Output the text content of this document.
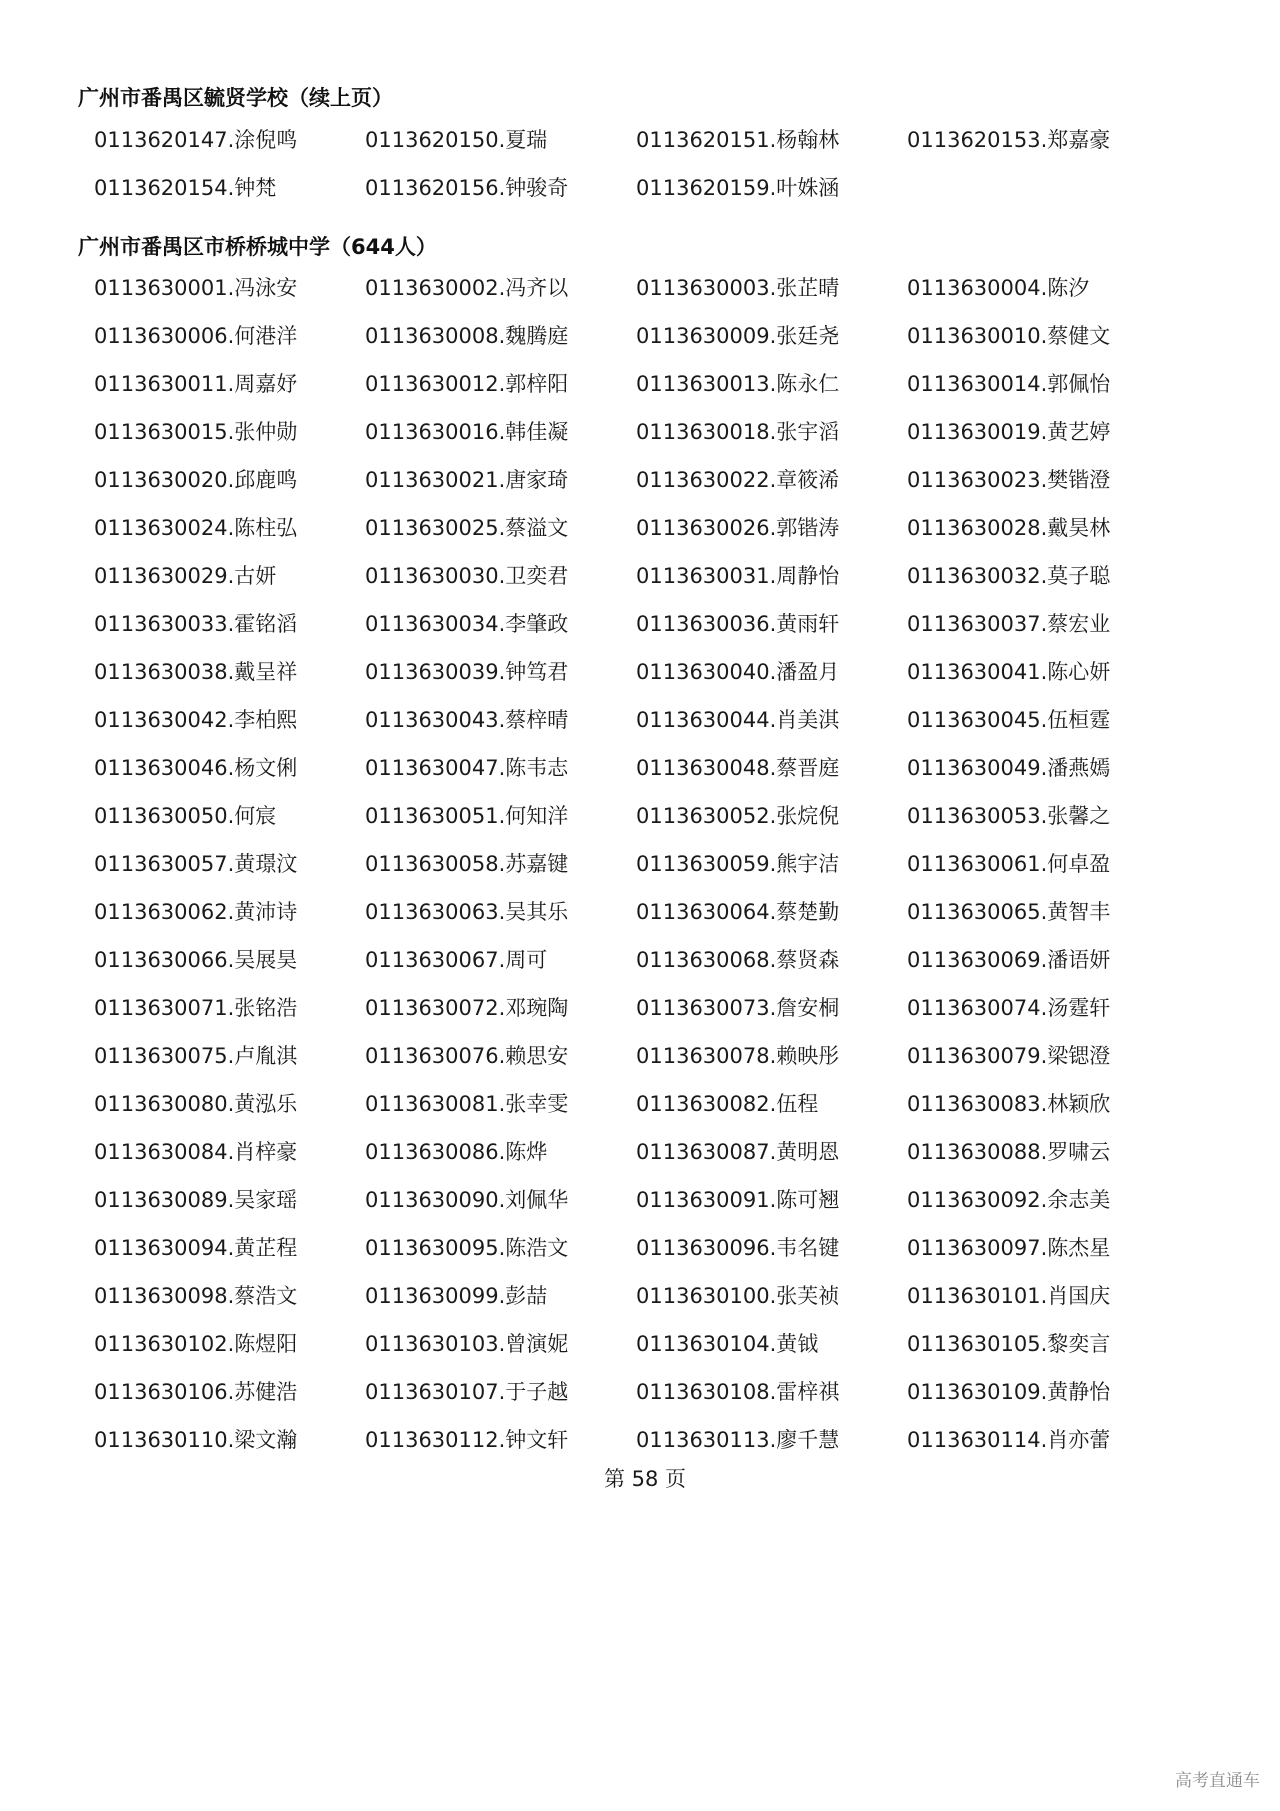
广州市番禺区毓贤学校（续上页）
0113620147.涂倪鸣	0113620150.夏瑞	0113620151.杨翰林	0113620153.郑嘉豪
0113620154.钟梵	0113620156.钟骏奇	0113620159.叶姝涵
广州市番禺区市桥桥城中学（644人）
0113630001.冯泳安	0113630002.冯齐以	0113630003.张芷晴	0113630004.陈汐
0113630006.何港洋	0113630008.魏腾庭	0113630009.张廷尧	0113630010.蔡健文
0113630011.周嘉妤	0113630012.郭梓阳	0113630013.陈永仁	0113630014.郭佩怡
0113630015.张仲勋	0113630016.韩佳凝	0113630018.张宇滔	0113630019.黄艺婷
0113630020.邱鹿鸣	0113630021.唐家琦	0113630022.章筱浠	0113630023.樊锴澄
0113630024.陈柱弘	0113630025.蔡溢文	0113630026.郭锴涛	0113630028.戴昊林
0113630029.古妍	0113630030.卫奕君	0113630031.周静怡	0113630032.莫子聪
0113630033.霍铭滔	0113630034.李肇政	0113630036.黄雨轩	0113630037.蔡宏业
0113630038.戴呈祥	0113630039.钟笃君	0113630040.潘盈月	0113630041.陈心妍
0113630042.李柏熙	0113630043.蔡梓晴	0113630044.肖美淇	0113630045.伍桓霆
0113630046.杨文俐	0113630047.陈韦志	0113630048.蔡晋庭	0113630049.潘燕嫣
0113630050.何宸	0113630051.何知洋	0113630052.张烷倪	0113630053.张馨之
0113630057.黄璟汶	0113630058.苏嘉键	0113630059.熊宇洁	0113630061.何卓盈
0113630062.黄沛诗	0113630063.吴其乐	0113630064.蔡楚勤	0113630065.黄智丰
0113630066.吴展昊	0113630067.周可	0113630068.蔡贤森	0113630069.潘语妍
0113630071.张铭浩	0113630072.邓琬陶	0113630073.詹安桐	0113630074.汤霆轩
0113630075.卢胤淇	0113630076.赖思安	0113630078.赖映彤	0113630079.梁锶澄
0113630080.黄泓乐	0113630081.张幸雯	0113630082.伍程	0113630083.林颖欣
0113630084.肖梓豪	0113630086.陈烨	0113630087.黄明恩	0113630088.罗啸云
0113630089.吴家瑶	0113630090.刘佩华	0113630091.陈可翘	0113630092.余志美
0113630094.黄芷程	0113630095.陈浩文	0113630096.韦名键	0113630097.陈杰星
0113630098.蔡浩文	0113630099.彭喆	0113630100.张芙祯	0113630101.肖国庆
0113630102.陈煜阳	0113630103.曾演妮	0113630104.黄钺	0113630105.黎奕言
0113630106.苏健浩	0113630107.于子越	0113630108.雷梓祺	0113630109.黄静怡
0113630110.梁文瀚	0113630112.钟文轩	0113630113.廖千慧	0113630114.肖亦蕾
第 58 页
高考直通车
